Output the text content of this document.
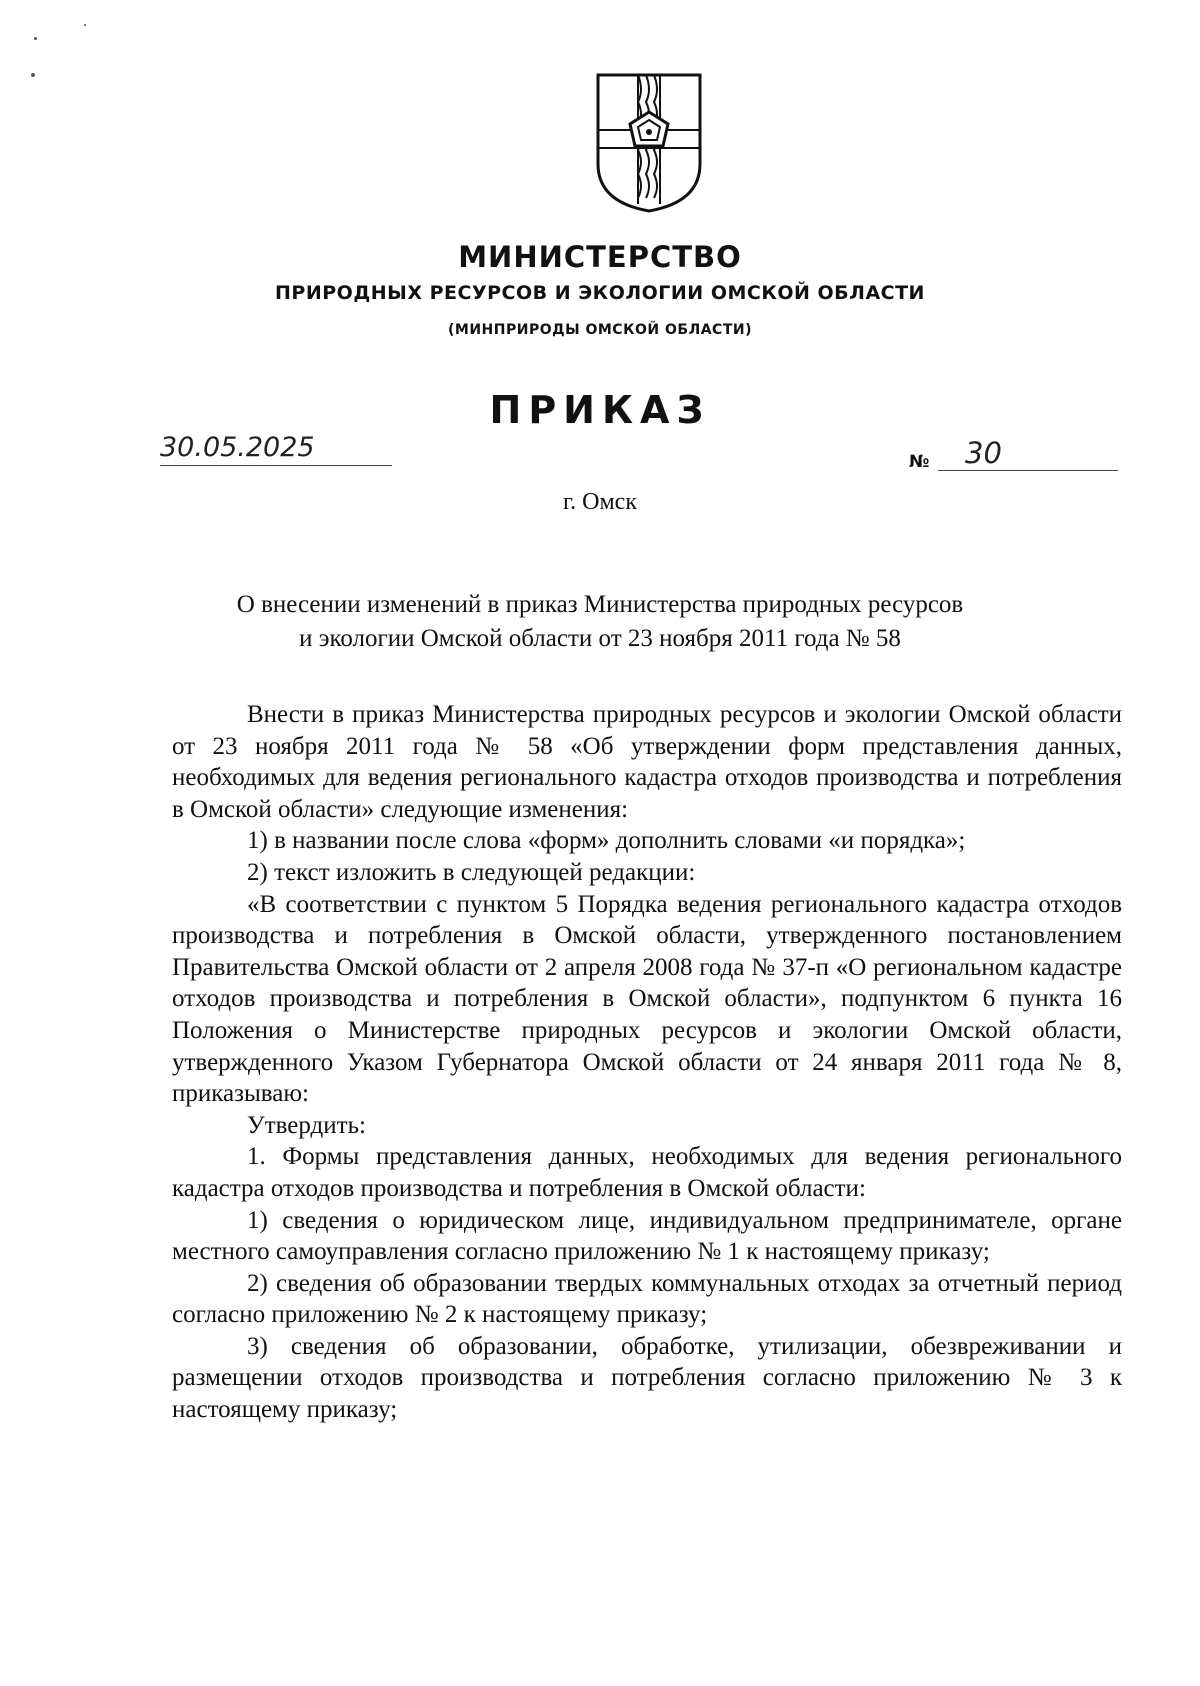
МИНИСТЕРСТВО
ПРИРОДНЫХ РЕСУРСОВ И ЭКОЛОГИИ ОМСКОЙ ОБЛАСТИ
(МИНПРИРОДЫ ОМСКОЙ ОБЛАСТИ)
ПРИКАЗ
30.05.2025	№ 30
г. Омск
О внесении изменений в приказ Министерства природных ресурсов
и экологии Омской области от 23 ноября 2011 года № 58

Внести в приказ Министерства природных ресурсов и экологии Омской области от 23 ноября 2011 года № 58 «Об утверждении форм представления данных, необходимых для ведения регионального кадастра отходов производства и потребления в Омской области» следующие изменения:

1) в названии после слова «форм» дополнить словами «и порядка»;

2) текст изложить в следующей редакции:

«В соответствии с пунктом 5 Порядка ведения регионального кадастра отходов производства и потребления в Омской области, утвержденного постановлением Правительства Омской области от 2 апреля 2008 года № 37-п «О региональном кадастре отходов производства и потребления в Омской области», подпунктом 6 пункта 16 Положения о Министерстве природных ресурсов и экологии Омской области, утвержденного Указом Губернатора Омской области от 24 января 2011 года № 8, приказываю:

Утвердить:

1. Формы представления данных, необходимых для ведения регионального кадастра отходов производства и потребления в Омской области:

1) сведения о юридическом лице, индивидуальном предпринимателе, органе местного самоуправления согласно приложению № 1 к настоящему приказу;

2) сведения об образовании твердых коммунальных отходах за отчетный период согласно приложению № 2 к настоящему приказу;

3) сведения об образовании, обработке, утилизации, обезвреживании и размещении отходов производства и потребления согласно приложению № 3 к настоящему приказу;
